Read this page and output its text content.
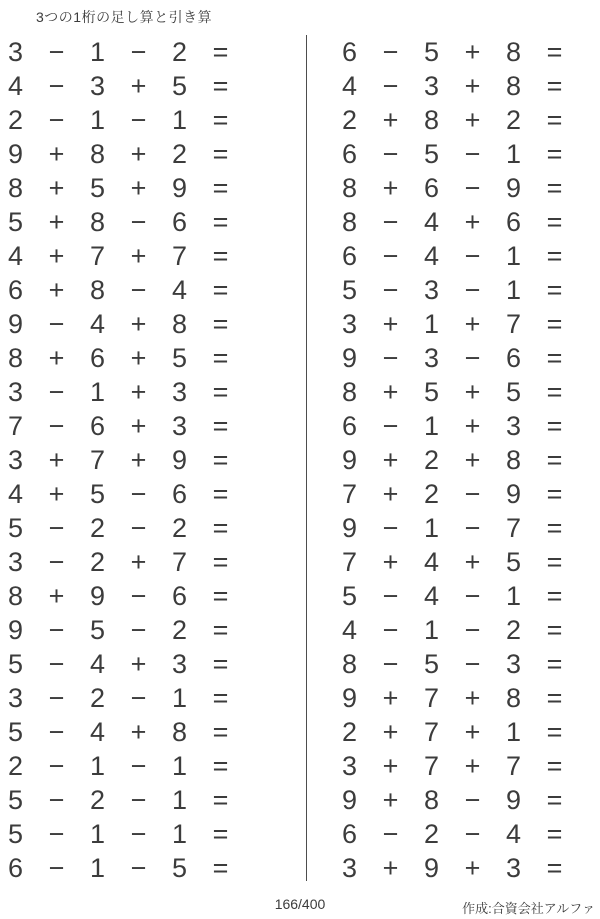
3つの1桁の足し算と引き算
3 − 1 − 2 =
4 − 3 + 5 =
2 − 1 − 1 =
9 + 8 + 2 =
8 + 5 + 9 =
5 + 8 − 6 =
4 + 7 + 7 =
6 + 8 − 4 =
9 − 4 + 8 =
8 + 6 + 5 =
3 − 1 + 3 =
7 − 6 + 3 =
3 + 7 + 9 =
4 + 5 − 6 =
5 − 2 − 2 =
3 − 2 + 7 =
8 + 9 − 6 =
9 − 5 − 2 =
5 − 4 + 3 =
3 − 2 − 1 =
5 − 4 + 8 =
2 − 1 − 1 =
5 − 2 − 1 =
5 − 1 − 1 =
6 − 1 − 5 =
6 − 5 + 8 =
4 − 3 + 8 =
2 + 8 + 2 =
6 − 5 − 1 =
8 + 6 − 9 =
8 − 4 + 6 =
6 − 4 − 1 =
5 − 3 − 1 =
3 + 1 + 7 =
9 − 3 − 6 =
8 + 5 + 5 =
6 − 1 + 3 =
9 + 2 + 8 =
7 + 2 − 9 =
9 − 1 − 7 =
7 + 4 + 5 =
5 − 4 − 1 =
4 − 1 − 2 =
8 − 5 − 3 =
9 + 7 + 8 =
2 + 7 + 1 =
3 + 7 + 7 =
9 + 8 − 9 =
6 − 2 − 4 =
3 + 9 + 3 =
166/400	作成:合資会社アルファ
